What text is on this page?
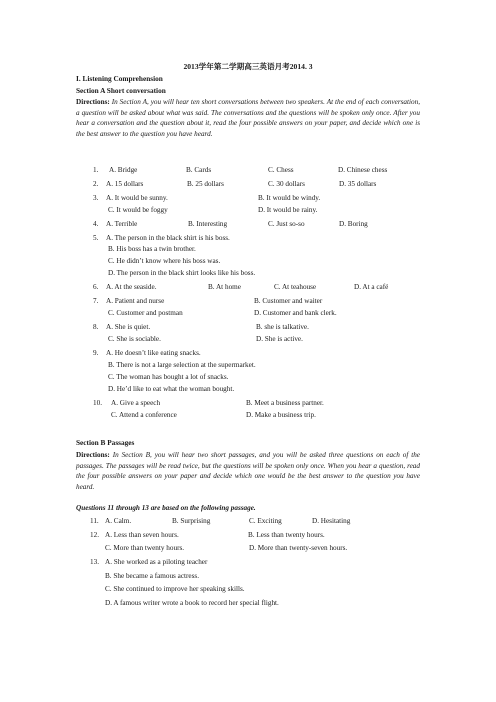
2013学年第二学期高三英语月考2014. 3
I. Listening Comprehension
Section A Short conversation
Directions: In Section A, you will hear ten short conversations between two speakers. At the end of each conversation, a question will be asked about what was said. The conversations and the questions will be spoken only once. After you hear a conversation and the question about it, read the four possible answers on your paper, and decide which one is the best answer to the question you have heard.
1. A. Bridge	B. Cards	C. Chess	D. Chinese chess
2. A. 15 dollars	B. 25 dollars	C. 30 dollars	D. 35 dollars
3. A. It would be sunny.	B. It would be windy.
C. It would be foggy	D. It would be rainy.
4. A. Terrible	B. Interesting	C. Just so-so	D. Boring
5. A. The person in the black shirt is his boss.
B. His boss has a twin brother.
C. He didn’t know where his boss was.
D. The person in the black shirt looks like his boss.
6. A. At the seaside.	B. At home	C. At teahouse	D. At a café
7. A. Patient and nurse	B. Customer and waiter
C. Customer and postman	D. Customer and bank clerk.
8. A. She is quiet.	B. she is talkative.
C. She is sociable.	D. She is active.
9. A. He doesn’t like eating snacks.
B. There is not a large selection at the supermarket.
C. The woman has bought a lot of snacks.
D. He’d like to eat what the woman bought.
10. A. Give a speech	B. Meet a business partner.
C. Attend a conference	D. Make a business trip.
Section B Passages
Directions: In Section B, you will hear two short passages, and you will be asked three questions on each of the passages. The passages will be read twice, but the questions will be spoken only once. When you hear a question, read the four possible answers on your paper and decide which one would be the best answer to the question you have heard.
Questions 11 through 13 are based on the following passage.
11. A. Calm.	B. Surprising	C. Exciting	D. Hesitating
12. A. Less than seven hours.	B. Less than twenty hours.
C. More than twenty hours.	D. More than twenty-seven hours.
13. A. She worked as a piloting teacher
B. She became a famous actress.
C. She continued to improve her speaking skills.
D. A famous writer wrote a book to record her special flight.
